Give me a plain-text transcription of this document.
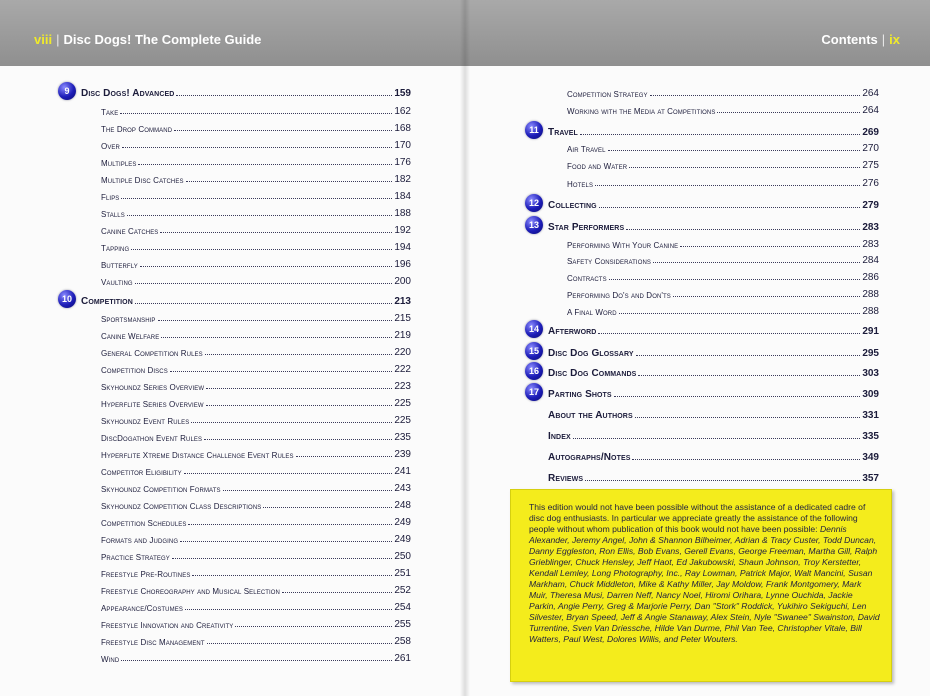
viii | Disc Dogs! The Complete Guide
9	Disc Dogs! Advanced	159
Take	162
The Drop Command	168
Over	170
Multiples	176
Multiple Disc Catches	182
Flips	184
Stalls	188
Canine Catches	192
Tapping	194
Butterfly	196
Vaulting	200
10 Competition	213
Sportsmanship	215
Canine Welfare	219
General Competition Rules	220
Competition Discs	222
Skyhoundz Series Overview	223
Hyperflite Series Overview	225
Skyhoundz Event Rules	225
DiscDogathon Event Rules	235
Hyperflite Xtreme Distance Challenge Event Rules	239
Competitor Eligibility	241
Skyhoundz Competition Formats	243
Skyhoundz Competition Class Descriptions	248
Competition Schedules	249
Formats and Judging	249
Practice Strategy	250
Freestyle Pre-Routines	251
Freestyle Choreography and Musical Selection	252
Appearance/Costumes	254
Freestyle Innovation and Creativity	255
Freestyle Disc Management	258
Wind	261
Contents | ix
Competition Strategy	264
Working with the Media at Competitions	264
11 Travel	269
Air Travel	270
Food and Water	275
Hotels	276
12 Collecting	279
13 Star Performers	283
Performing With Your Canine	283
Safety Considerations	284
Contracts	286
Performing Do's and Don'ts	288
A Final Word	288
14 Afterword	291
15 Disc Dog Glossary	295
16 Disc Dog Commands	303
17 Parting Shots	309
About the Authors	331
Index	335
Autographs/Notes	349
Reviews	357
This edition would not have been possible without the assistance of a dedicated cadre of disc dog enthusiasts. In particular we appreciate greatly the assistance of the following people without whom publication of this book would not have been possible: Dennis Alexander, Jeremy Angel, John & Shannon Bilheimer, Adrian & Tracy Custer, Todd Duncan, Danny Eggleston, Ron Ellis, Bob Evans, Gerell Evans, George Freeman, Martha Gill, Ralph Grieblinger, Chuck Hensley, Jeff Haot, Ed Jakubowski, Shaun Johnson, Troy Kerstetter, Kendall Lemley, Long Photography, Inc., Ray Lowman, Patrick Major, Walt Mancini, Susan Markham, Chuck Middleton, Mike & Kathy Miller, Jay Moldow, Frank Montgomery, Mark Muir, Theresa Musi, Darren Neff, Nancy Noel, Hiromi Orihara, Lynne Ouchida, Jackie Parkin, Angie Perry, Greg & Marjorie Perry, Dan "Stork" Roddick, Yukihiro Sekiguchi, Len Silvester, Bryan Speed, Jeff & Angie Stanaway, Alex Stein, Nyle "Swanee" Swainston, David Turrentine, Sven Van Driessche, Hilde Van Durme, Phil Van Tee, Christopher Vitale, Bill Watters, Paul West, Dolores Willis, and Peter Wouters.
